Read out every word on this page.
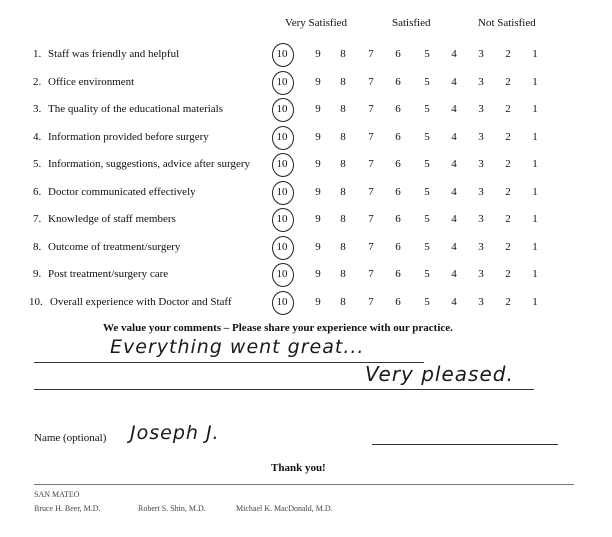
Very Satisfied	Satisfied	Not Satisfied
1. Staff was friendly and helpful	10	9	8	7	6	5	4	3	2	1
2. Office environment	10	9	8	7	6	5	4	3	2	1
3. The quality of the educational materials	10	9	8	7	6	5	4	3	2	1
4. Information provided before surgery	10	9	8	7	6	5	4	3	2	1
5. Information, suggestions, advice after surgery 10	9	8	7	6	5	4	3	2	1
6. Doctor communicated effectively	10	9	8	7	6	5	4	3	2	1
7. Knowledge of staff members	10	9	8	7	6	5	4	3	2	1
8. Outcome of treatment/surgery	10	9	8	7	6	5	4	3	2	1
9. Post treatment/surgery care	10	9	8	7	6	5	4	3	2	1
10. Overall experience with Doctor and Staff	10	9	8	7	6	5	4	3	2	1
We value your comments – Please share your experience with our practice.
Everything went great...
Very pleased.
Name (optional) Joseph J.
Thank you!
SAN MATEO
Bruce H. Beer, M.D.	Robert S. Shin, M.D.	Michael K. MacDonald, M.D.
